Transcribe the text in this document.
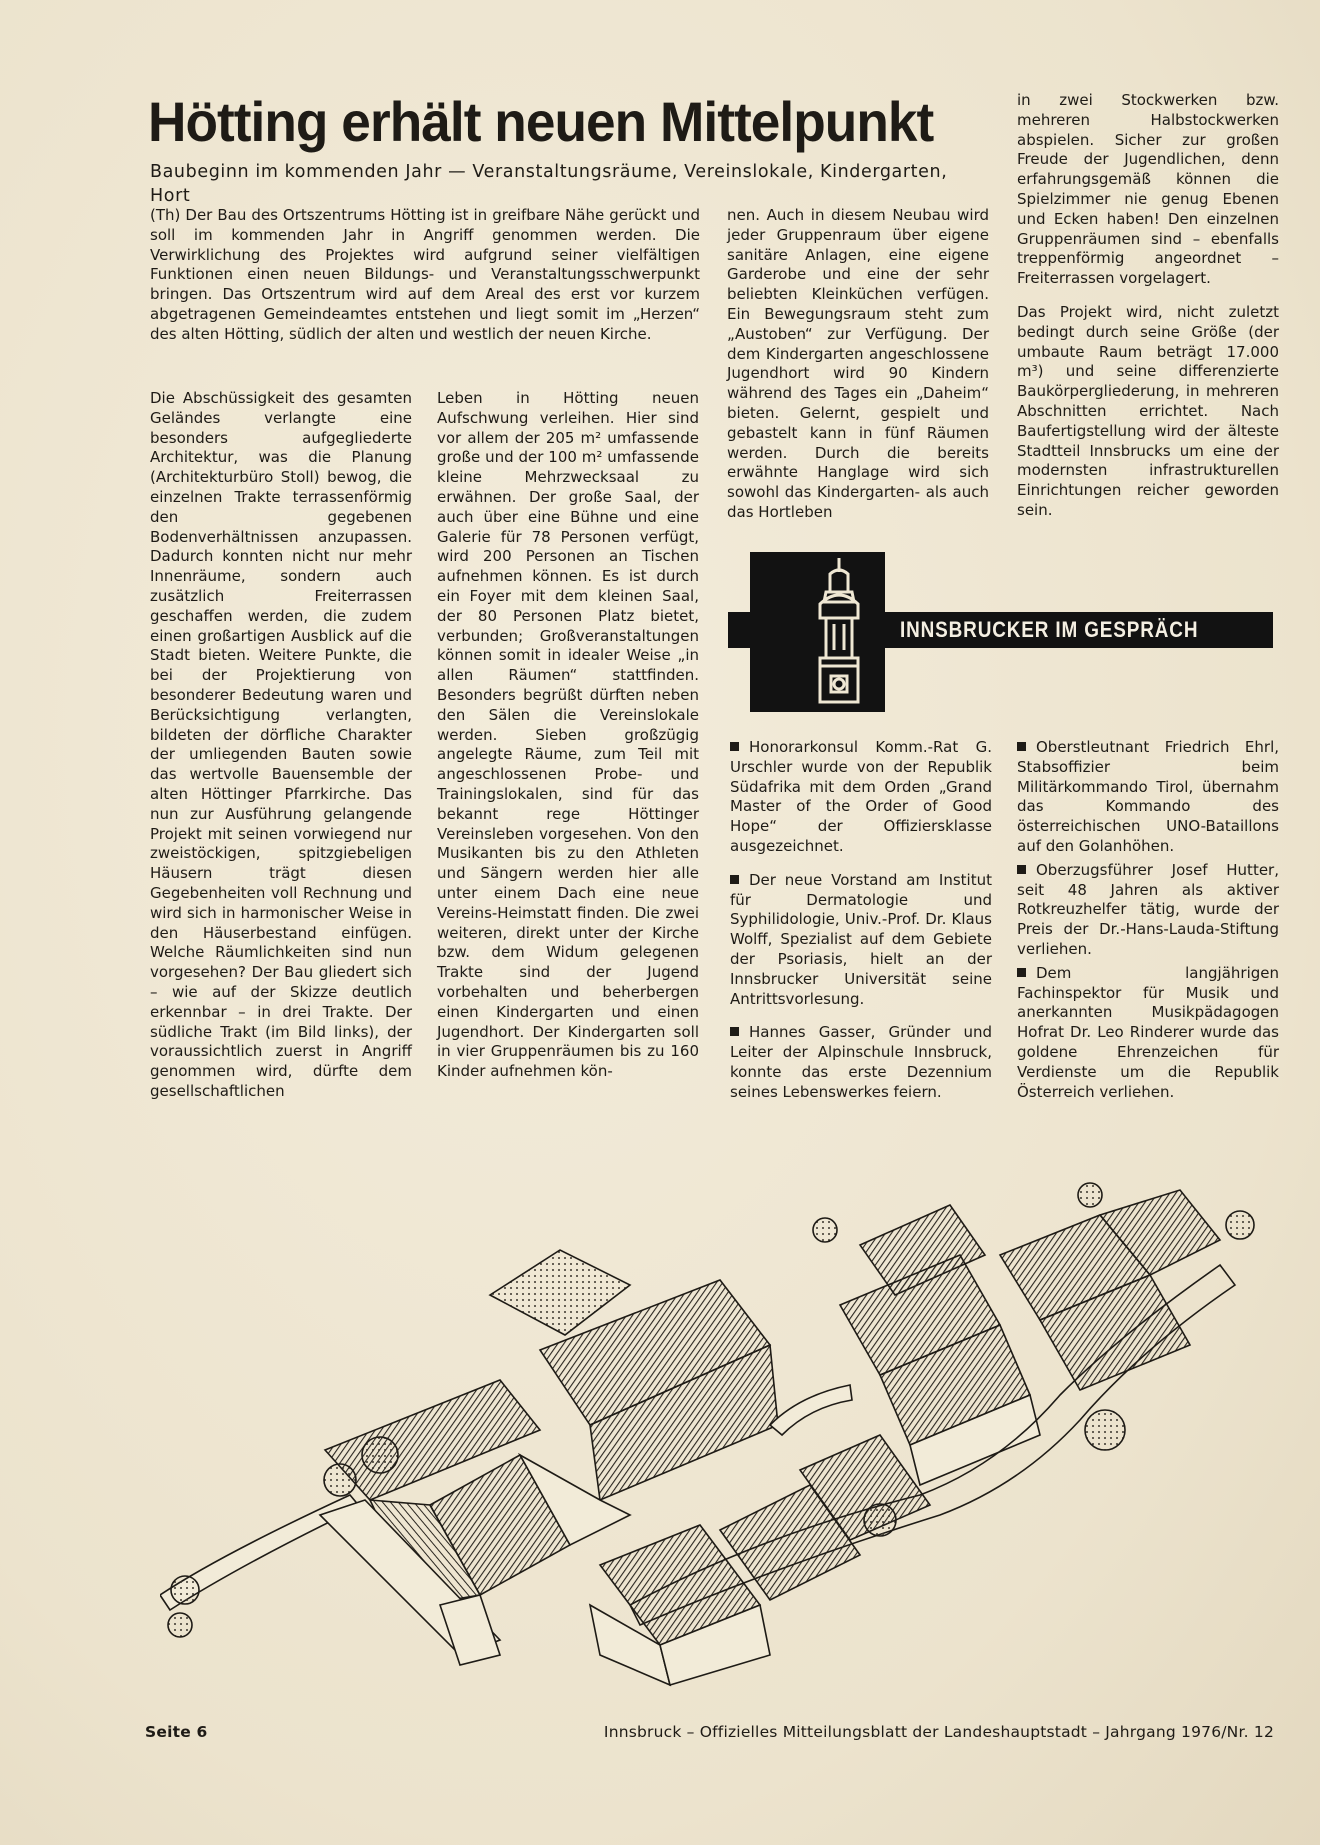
Hötting erhält neuen Mittelpunkt

Baubeginn im kommenden Jahr — Veranstaltungsräume, Vereinslokale, Kindergarten, Hort

(Th) Der Bau des Ortszentrums Hötting ist in greifbare Nähe gerückt und soll im kommenden Jahr in Angriff genommen werden. Die Verwirklichung des Projektes wird aufgrund seiner vielfältigen Funktionen einen neuen Bildungs- und Veranstaltungsschwerpunkt bringen. Das Ortszentrum wird auf dem Areal des erst vor kurzem abgetragenen Gemeindeamtes entstehen und liegt somit im „Herzen“ des alten Hötting, südlich der alten und westlich der neuen Kirche.

Die Abschüssigkeit des gesamten Geländes verlangte eine besonders aufgegliederte Architektur, was die Planung (Architekturbüro Stoll) bewog, die einzelnen Trakte terrassenförmig den gegebenen Bodenverhältnissen anzupassen. Dadurch konnten nicht nur mehr Innenräume, sondern auch zusätzlich Freiterrassen geschaffen werden, die zudem einen großartigen Ausblick auf die Stadt bieten. Weitere Punkte, die bei der Projektierung von besonderer Bedeutung waren und Berücksichtigung verlangten, bildeten der dörfliche Charakter der umliegenden Bauten sowie das wertvolle Bauensemble der alten Höttinger Pfarrkirche. Das nun zur Ausführung gelangende Projekt mit seinen vorwiegend nur zweistöckigen, spitzgiebeligen Häusern trägt diesen Gegebenheiten voll Rechnung und wird sich in harmonischer Weise in den Häuserbestand einfügen. Welche Räumlichkeiten sind nun vorgesehen? Der Bau gliedert sich – wie auf der Skizze deutlich erkennbar – in drei Trakte. Der südliche Trakt (im Bild links), der voraussichtlich zuerst in Angriff genommen wird, dürfte dem gesellschaftlichen

Leben in Hötting neuen Aufschwung verleihen. Hier sind vor allem der 205 m² umfassende große und der 100 m² umfassende kleine Mehrzwecksaal zu erwähnen. Der große Saal, der auch über eine Bühne und eine Galerie für 78 Personen verfügt, wird 200 Personen an Tischen aufnehmen können. Es ist durch ein Foyer mit dem kleinen Saal, der 80 Personen Platz bietet, verbunden; Großveranstaltungen können somit in idealer Weise „in allen Räumen“ stattfinden. Besonders begrüßt dürften neben den Sälen die Vereinslokale werden. Sieben großzügig angelegte Räume, zum Teil mit angeschlossenen Probe- und Trainingslokalen, sind für das bekannt rege Höttinger Vereinsleben vorgesehen. Von den Musikanten bis zu den Athleten und Sängern werden hier alle unter einem Dach eine neue Vereins-Heimstatt finden. Die zwei weiteren, direkt unter der Kirche bzw. dem Widum gelegenen Trakte sind der Jugend vorbehalten und beherbergen einen Kindergarten und einen Jugendhort. Der Kindergarten soll in vier Gruppenräumen bis zu 160 Kinder aufnehmen kön-

nen. Auch in diesem Neubau wird jeder Gruppenraum über eigene sanitäre Anlagen, eine eigene Garderobe und eine der sehr beliebten Kleinküchen verfügen. Ein Bewegungsraum steht zum „Austoben“ zur Verfügung. Der dem Kindergarten angeschlossene Jugendhort wird 90 Kindern während des Tages ein „Daheim“ bieten. Gelernt, gespielt und gebastelt kann in fünf Räumen werden. Durch die bereits erwähnte Hanglage wird sich sowohl das Kindergarten- als auch das Hortleben

in zwei Stockwerken bzw. mehreren Halbstockwerken abspielen. Sicher zur großen Freude der Jugendlichen, denn erfahrungsgemäß können die Spielzimmer nie genug Ebenen und Ecken haben! Den einzelnen Gruppenräumen sind – ebenfalls treppenförmig angeordnet – Freiterrassen vorgelagert.

Das Projekt wird, nicht zuletzt bedingt durch seine Größe (der umbaute Raum beträgt 17.000 m³) und seine differenzierte Baukörpergliederung, in mehreren Abschnitten errichtet. Nach Baufertigstellung wird der älteste Stadtteil Innsbrucks um eine der modernsten infrastrukturellen Einrichtungen reicher geworden sein.

INNSBRUCKER IM GESPRÄCH

Honorarkonsul Komm.-Rat G. Urschler wurde von der Republik Südafrika mit dem Orden „Grand Master of the Order of Good Hope“ der Offiziersklasse ausgezeichnet.

Der neue Vorstand am Institut für Dermatologie und Syphilidologie, Univ.-Prof. Dr. Klaus Wolff, Spezialist auf dem Gebiete der Psoriasis, hielt an der Innsbrucker Universität seine Antrittsvorlesung.

Hannes Gasser, Gründer und Leiter der Alpinschule Innsbruck, konnte das erste Dezennium seines Lebenswerkes feiern.

Oberstleutnant Friedrich Ehrl, Stabsoffizier beim Militärkommando Tirol, übernahm das Kommando des österreichischen UNO-Bataillons auf den Golanhöhen.

Oberzugsführer Josef Hutter, seit 48 Jahren als aktiver Rotkreuzhelfer tätig, wurde der Preis der Dr.-Hans-Lauda-Stiftung verliehen.

Dem langjährigen Fachinspektor für Musik und anerkannten Musikpädagogen Hofrat Dr. Leo Rinderer wurde das goldene Ehrenzeichen für Verdienste um die Republik Österreich verliehen.

Seite 6	Innsbruck – Offizielles Mitteilungsblatt der Landeshauptstadt – Jahrgang 1976/Nr. 12
